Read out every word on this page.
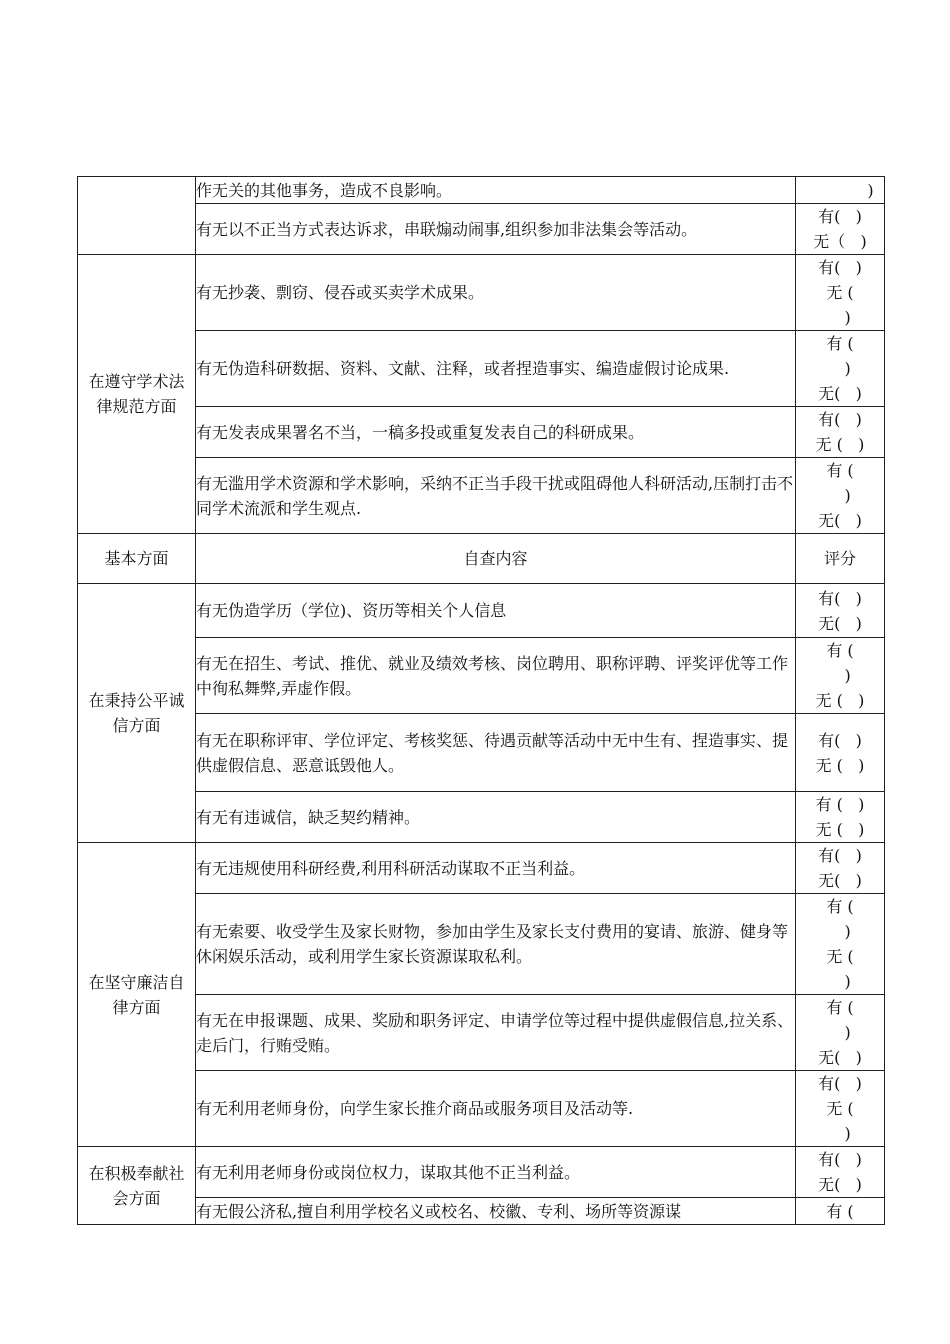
	作无关的其他事务，造成不良影响。	)

	有无以不正当方式表达诉求，串联煽动闹事,组织参加非法集会等活动。	有(   )
无（   )

在遵守学术法律规范方面	有无抄袭、剽窃、侵吞或买卖学术成果。	有(   )
无 (
)

	有无伪造科研数据、资料、文献、注释，或者捏造事实、编造虚假讨论成果.	有 (
)
无(   )

	有无发表成果署名不当，一稿多投或重复发表自己的科研成果。	有(   )
无 (   )

	有无滥用学术资源和学术影响，采纳不正当手段干扰或阻碍他人科研活动,压制打击不同学术流派和学生观点.	有 (
)
无(   )

基本方面	自查内容	评分
在秉持公平诚信方面	有无伪造学历（学位)、资历等相关个人信息	有(   )
无(   )

	有无在招生、考试、推优、就业及绩效考核、岗位聘用、职称评聘、评奖评优等工作中徇私舞弊,弄虚作假。	有 (
)
无 (   )

	有无在职称评审、学位评定、考核奖惩、待遇贡献等活动中无中生有、捏造事实、提供虚假信息、恶意诋毁他人。	有(   )
无 (   )

	有无有违诚信，缺乏契约精神。	有 (   )
无 (   )

在坚守廉洁自律方面	有无违规使用科研经费,利用科研活动谋取不正当利益。	有(   )
无(   )

	有无索要、收受学生及家长财物，参加由学生及家长支付费用的宴请、旅游、健身等休闲娱乐活动，或利用学生家长资源谋取私利。	有 (
)
无 (
)

	有无在申报课题、成果、奖励和职务评定、申请学位等过程中提供虚假信息,拉关系、走后门，行贿受贿。	有 (
)
无(   )

	有无利用老师身份，向学生家长推介商品或服务项目及活动等.	有(   )
无 (
)

在积极奉献社会方面	有无利用老师身份或岗位权力，谋取其他不正当利益。	有(   )
无(   )

	有无假公济私,擅自利用学校名义或校名、校徽、专利、场所等资源谋	有 (
